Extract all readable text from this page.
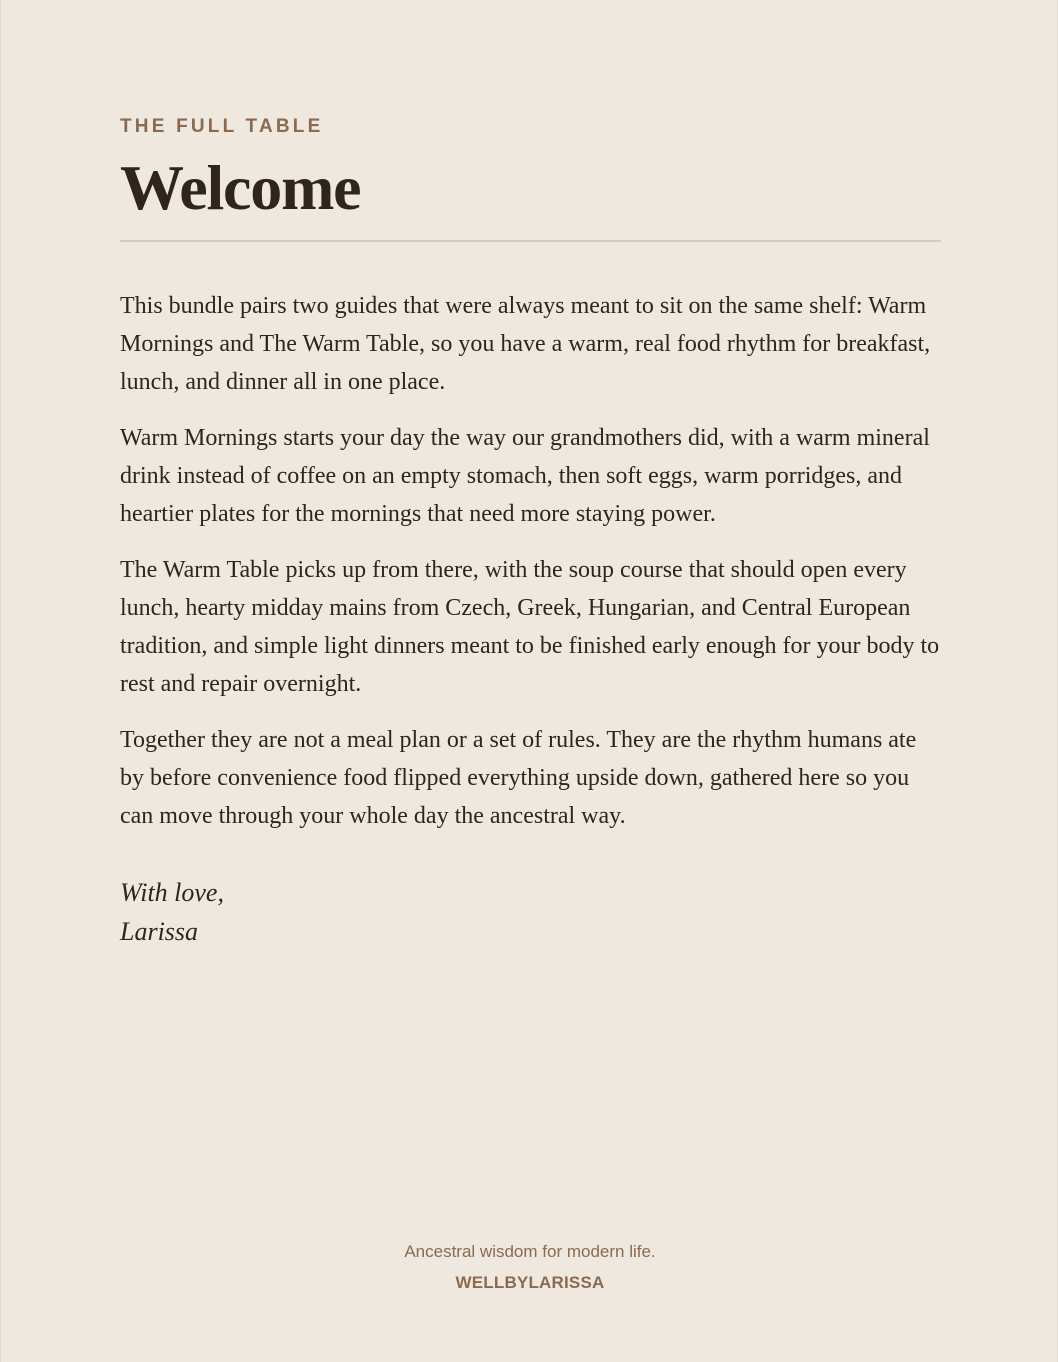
THE FULL TABLE
Welcome

This bundle pairs two guides that were always meant to sit on the same shelf: Warm Mornings and The Warm Table, so you have a warm, real food rhythm for breakfast, lunch, and dinner all in one place.

Warm Mornings starts your day the way our grandmothers did, with a warm mineral drink instead of coffee on an empty stomach, then soft eggs, warm porridges, and heartier plates for the mornings that need more staying power.

The Warm Table picks up from there, with the soup course that should open every lunch, hearty midday mains from Czech, Greek, Hungarian, and Central European tradition, and simple light dinners meant to be finished early enough for your body to rest and repair overnight.

Together they are not a meal plan or a set of rules. They are the rhythm humans ate by before convenience food flipped everything upside down, gathered here so you can move through your whole day the ancestral way.

With love,
Larissa
Ancestral wisdom for modern life.
WELLBYLARISSA
